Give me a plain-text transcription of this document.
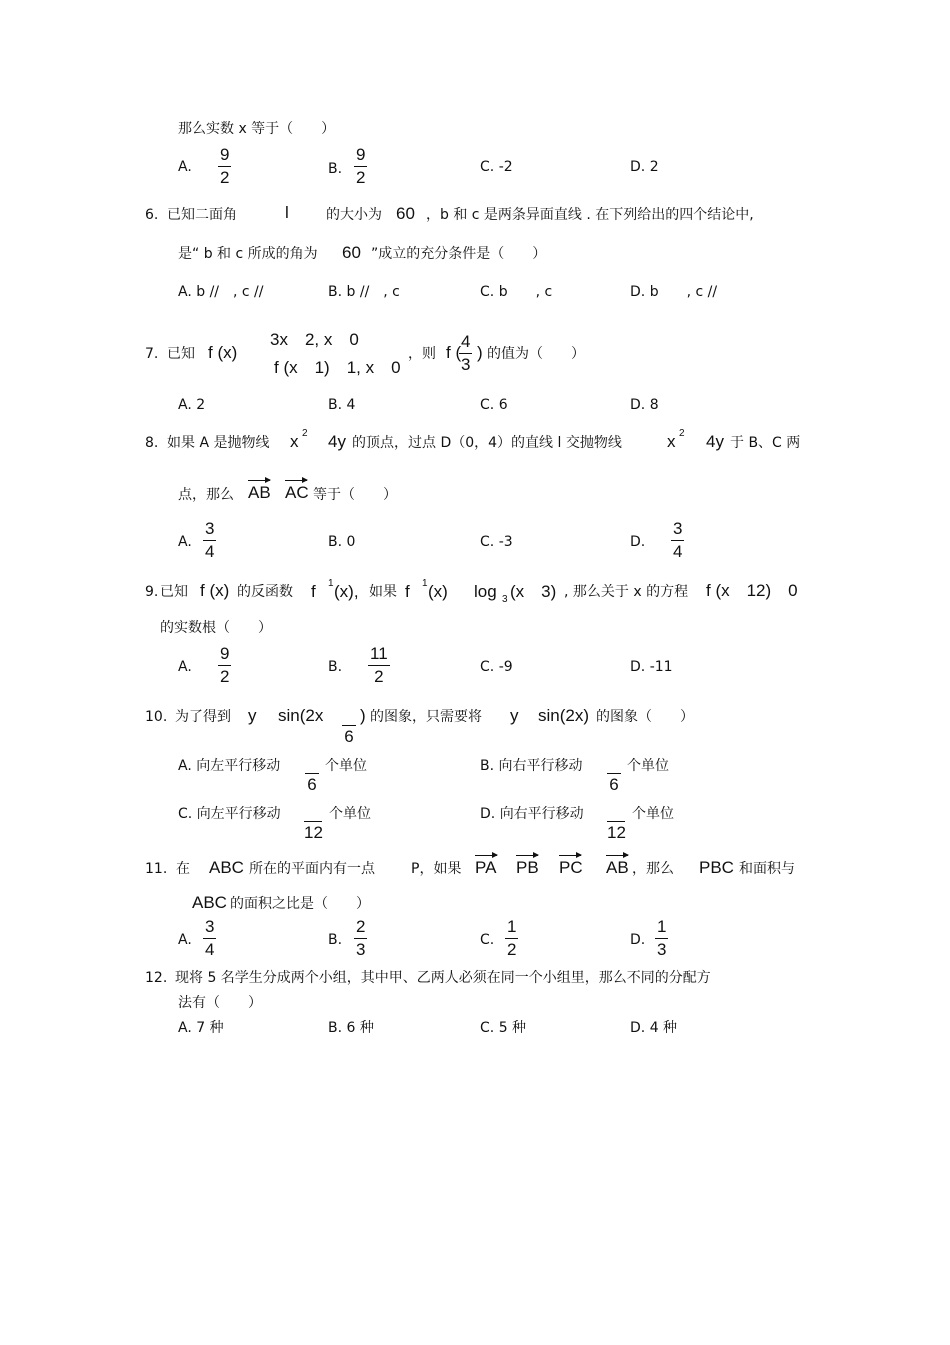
那么实数 x 等于（　　）
A.
9
2	B.
9
2
C. -2	D. 2
6. 已知二面角	l	的大小为 60 ，b 和 c 是两条异面直线 . 在下列给出的四个结论中,
是“ b 和 c 所成的角为 60 ”成立的充分条件是（　　）
A. b //　, c //	B. b //　, c	C. b　　, c	D. b　　, c //
7. 已知 f (x)
3x　2, x　0
f (x　1)　1, x　0
，则 f (
4
3
) 的值为（　　）
A. 2	B. 4	C. 6	D. 8
8. 如果 A 是抛物线 x 2 4y 的顶点，过点 D（0，4）的直线 l 交抛物线	x 2 4y 于 B、C 两
点，那么 AB AC 等于（　　）
A.
3
4	B. 0	C. -3	D.
3
4
9. 已知 f (x) 的反函数 f 1 (x), 如果 f 1 (x) log 3 (x　3) , 那么关于 x 的方程 f (x　12)　0
的实数根（　　）
A.
9
2	B.
11
2	C. -9	D. -11
10. 为了得到 y sin(2x
6
) 的图象，只需要将 y sin(2x) 的图象（　　）
A. 向左平行移动
6
个单位	B. 向右平行移动
6
个单位
C. 向左平行移动
12
个单位	D. 向右平行移动
12
个单位
11. 在 ABC 所在的平面内有一点	P，如果 PA PB PC AB ，那么 PBC 和面积与
ABC 的面积之比是（　　）
A.
3
4	B.
2
3	C.
1
2	D.
1
3
12. 现将 5 名学生分成两个小组，其中甲、乙两人必须在同一个小组里，那么不同的分配方
法有（　　）
A. 7 种	B. 6 种	C. 5 种	D. 4 种
